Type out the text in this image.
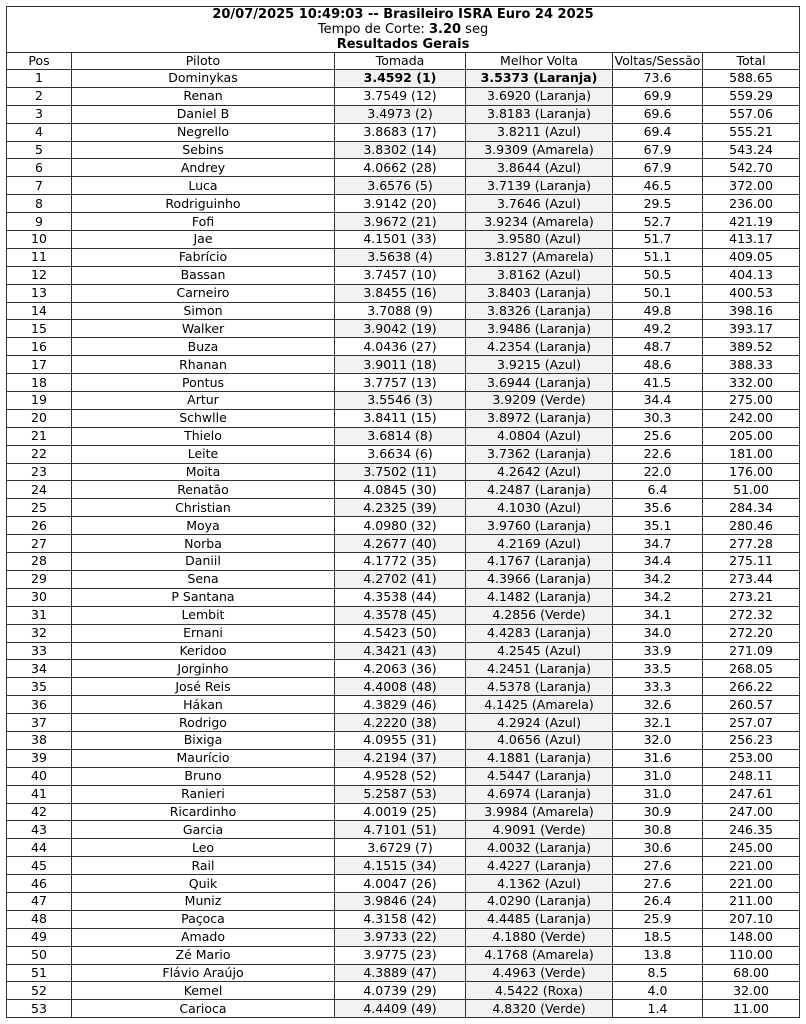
20/07/2025 10:49:03 -- Brasileiro ISRA Euro 24 2025
Tempo de Corte: 3.20 seg
Resultados Gerais					

Pos	Piloto	Tomada	Melhor Volta	Voltas/Sessão	Total
1	Dominykas	3.4592 (1)	3.5373 (Laranja)	73.6	588.65
2	Renan	3.7549 (12)	3.6920 (Laranja)	69.9	559.29
3	Daniel B	3.4973 (2)	3.8183 (Laranja)	69.6	557.06
4	Negrello	3.8683 (17)	3.8211 (Azul)	69.4	555.21
5	Sebins	3.8302 (14)	3.9309 (Amarela)	67.9	543.24
6	Andrey	4.0662 (28)	3.8644 (Azul)	67.9	542.70
7	Luca	3.6576 (5)	3.7139 (Laranja)	46.5	372.00
8	Rodriguinho	3.9142 (20)	3.7646 (Azul)	29.5	236.00
9	Fofi	3.9672 (21)	3.9234 (Amarela)	52.7	421.19
10	Jae	4.1501 (33)	3.9580 (Azul)	51.7	413.17
11	Fabrício	3.5638 (4)	3.8127 (Amarela)	51.1	409.05
12	Bassan	3.7457 (10)	3.8162 (Azul)	50.5	404.13
13	Carneiro	3.8455 (16)	3.8403 (Laranja)	50.1	400.53
14	Simon	3.7088 (9)	3.8326 (Laranja)	49.8	398.16
15	Walker	3.9042 (19)	3.9486 (Laranja)	49.2	393.17
16	Buza	4.0436 (27)	4.2354 (Laranja)	48.7	389.52
17	Rhanan	3.9011 (18)	3.9215 (Azul)	48.6	388.33
18	Pontus	3.7757 (13)	3.6944 (Laranja)	41.5	332.00
19	Artur	3.5546 (3)	3.9209 (Verde)	34.4	275.00
20	Schwlle	3.8411 (15)	3.8972 (Laranja)	30.3	242.00
21	Thielo	3.6814 (8)	4.0804 (Azul)	25.6	205.00
22	Leite	3.6634 (6)	3.7362 (Laranja)	22.6	181.00
23	Moita	3.7502 (11)	4.2642 (Azul)	22.0	176.00
24	Renatão	4.0845 (30)	4.2487 (Laranja)	6.4	51.00
25	Christian	4.2325 (39)	4.1030 (Azul)	35.6	284.34
26	Moya	4.0980 (32)	3.9760 (Laranja)	35.1	280.46
27	Norba	4.2677 (40)	4.2169 (Azul)	34.7	277.28
28	Daniil	4.1772 (35)	4.1767 (Laranja)	34.4	275.11
29	Sena	4.2702 (41)	4.3966 (Laranja)	34.2	273.44
30	P Santana	4.3538 (44)	4.1482 (Laranja)	34.2	273.21
31	Lembit	4.3578 (45)	4.2856 (Verde)	34.1	272.32
32	Ernani	4.5423 (50)	4.4283 (Laranja)	34.0	272.20
33	Keridoo	4.3421 (43)	4.2545 (Azul)	33.9	271.09
34	Jorginho	4.2063 (36)	4.2451 (Laranja)	33.5	268.05
35	José Reis	4.4008 (48)	4.5378 (Laranja)	33.3	266.22
36	Hákan	4.3829 (46)	4.1425 (Amarela)	32.6	260.57
37	Rodrigo	4.2220 (38)	4.2924 (Azul)	32.1	257.07
38	Bixiga	4.0955 (31)	4.0656 (Azul)	32.0	256.23
39	Maurício	4.2194 (37)	4.1881 (Laranja)	31.6	253.00
40	Bruno	4.9528 (52)	4.5447 (Laranja)	31.0	248.11
41	Ranieri	5.2587 (53)	4.6974 (Laranja)	31.0	247.61
42	Ricardinho	4.0019 (25)	3.9984 (Amarela)	30.9	247.00
43	Garcia	4.7101 (51)	4.9091 (Verde)	30.8	246.35
44	Leo	3.6729 (7)	4.0032 (Laranja)	30.6	245.00
45	Rail	4.1515 (34)	4.4227 (Laranja)	27.6	221.00
46	Quik	4.0047 (26)	4.1362 (Azul)	27.6	221.00
47	Muniz	3.9846 (24)	4.0290 (Laranja)	26.4	211.00
48	Paçoca	4.3158 (42)	4.4485 (Laranja)	25.9	207.10
49	Amado	3.9733 (22)	4.1880 (Verde)	18.5	148.00
50	Zé Mario	3.9775 (23)	4.1768 (Amarela)	13.8	110.00
51	Flávio Araújo	4.3889 (47)	4.4963 (Verde)	8.5	68.00
52	Kemel	4.0739 (29)	4.5422 (Roxa)	4.0	32.00
53	Carioca	4.4409 (49)	4.8320 (Verde)	1.4	11.00
